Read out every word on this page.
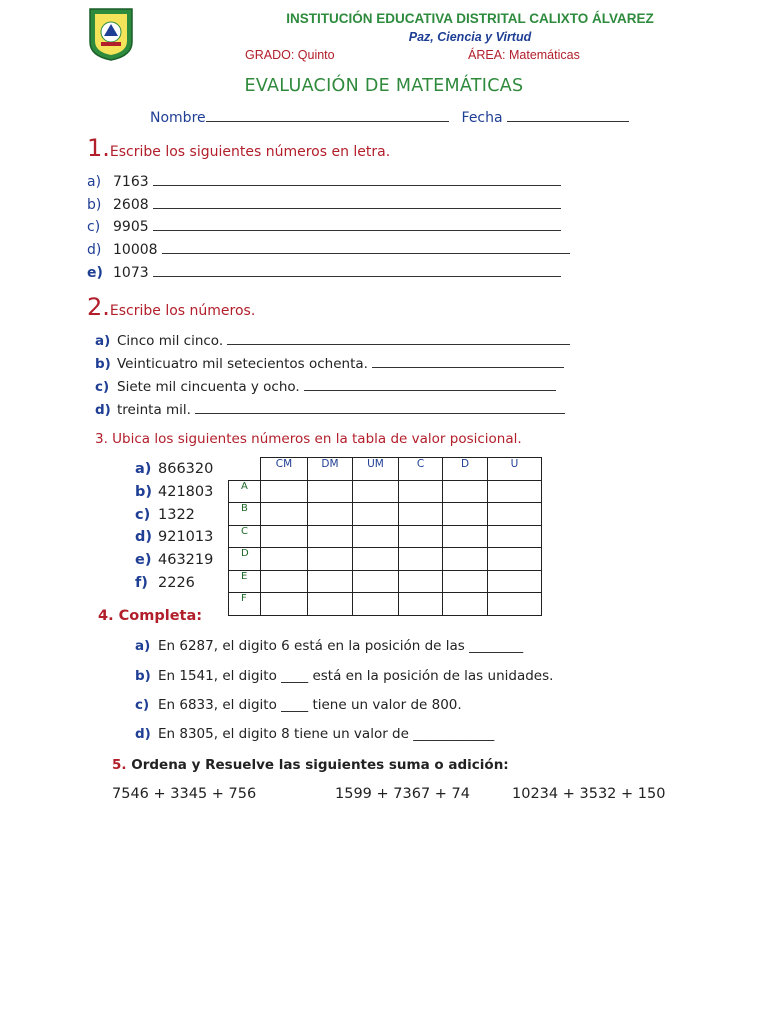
INSTITUCIÓN EDUCATIVA DISTRITAL CALIXTO ÁLVAREZ
Paz, Ciencia y Virtud
GRADO: Quinto	ÁREA: Matemáticas
EVALUACIÓN DE MATEMÁTICAS
Nombre	Fecha
1.Escribe los siguientes números en letra.
a) 7163
b) 2608
c) 9905
d) 10008
e) 1073
2.Escribe los números.
a) Cinco mil cinco.
b) Veinticuatro mil setecientos ochenta.
c) Siete mil cincuenta y ocho.
d) treinta mil.
3. Ubica los siguientes números en la tabla de valor posicional.
a) 866320
b) 421803
c) 1322
d) 921013
e) 463219
f) 2226
	CM	DM	UM	C	D	U
A						
B						
C						
D						
E						
F						
4. Completa:
a) En 6287, el digito 6 está en la posición de las ________
b) En 1541, el digito ____ está en la posición de las unidades.
c) En 6833, el digito ____ tiene un valor de 800.
d) En 8305, el digito 8 tiene un valor de ____________
5. Ordena y Resuelve las siguientes suma o adición:
7546 + 3345 + 756	1599 + 7367 + 74	10234 + 3532 + 150
